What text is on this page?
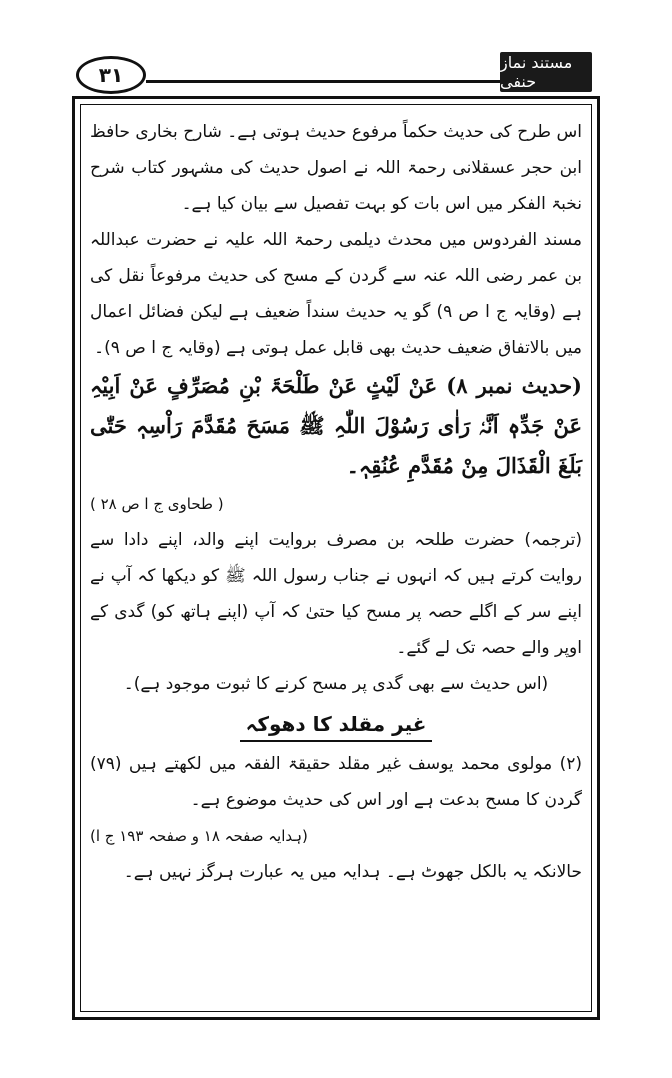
۳۱
مستند نماز حنفی

اس طرح کی حدیث حکماً مرفوع حدیث ہوتی ہے۔ شارح بخاری حافظ ابن حجر عسقلانی رحمۃ اللہ نے اصول حدیث کی مشہور کتاب شرح نخبۃ الفکر میں اس بات کو بہت تفصیل سے بیان کیا ہے۔

مسند الفردوس میں محدث دیلمی رحمۃ اللہ علیہ نے حضرت عبداللہ بن عمر رضی اللہ عنہ سے گردن کے مسح کی حدیث مرفوعاً نقل کی ہے (وقایہ ج ا ص ۹) گو یہ حدیث سنداً ضعیف ہے لیکن فضائل اعمال میں بالاتفاق ضعیف حدیث بھی قابل عمل ہوتی ہے (وقایہ ج ا ص ۹)۔

(حدیث نمبر ۸) عَنْ لَیْثٍ عَنْ طَلْحَۃَ بْنِ مُصَرِّفٍ عَنْ اَبِیْہِ عَنْ جَدِّہٖ اَنَّہٗ رَاٰی رَسُوْلَ اللّٰہِ ﷺ مَسَحَ مُقَدَّمَ رَاْسِہٖ حَتّٰی بَلَغَ الْقَذَالَ مِنْ مُقَدَّمِ عُنُقِہٖ۔

( طحاوی ج ا ص ۲۸ )

(ترجمہ) حضرت طلحہ بن مصرف بروایت اپنے والد، اپنے دادا سے روایت کرتے ہیں کہ انہوں نے جناب رسول اللہ ﷺ کو دیکھا کہ آپ نے اپنے سر کے اگلے حصہ پر مسح کیا حتیٰ کہ آپ (اپنے ہاتھ کو) گدی کے اوپر والے حصہ تک لے گئے۔

(اس حدیث سے بھی گدی پر مسح کرنے کا ثبوت موجود ہے)۔

غیر مقلد کا دھوکہ

(۲) مولوی محمد یوسف غیر مقلد حقیقۃ الفقہ میں لکھتے ہیں (۷۹) گردن کا مسح بدعت ہے اور اس کی حدیث موضوع ہے۔

(ہدایہ صفحہ ۱۸ و صفحہ ۱۹۳ ج ا)

حالانکہ یہ بالکل جھوٹ ہے۔ ہدایہ میں یہ عبارت ہرگز نہیں ہے۔
